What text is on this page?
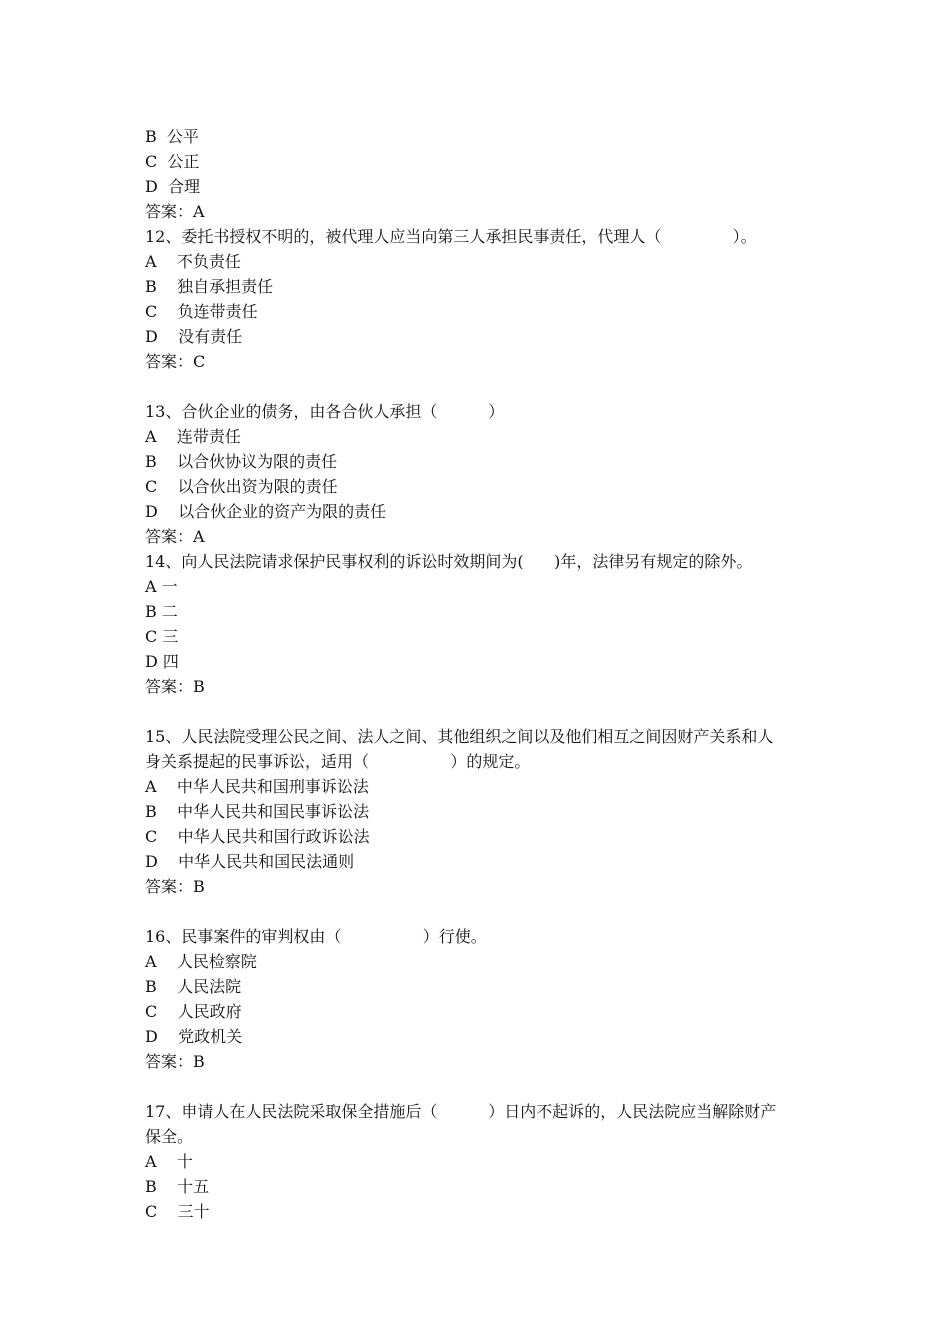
B  公平
C  公正
D  合理
答案：A
12、委托书授权不明的，被代理人应当向第三人承担民事责任，代理人（              ）。
A    不负责任
B    独自承担责任
C    负连带责任
D    没有责任
答案：C
13、合伙企业的债务，由各合伙人承担（          ）
A    连带责任
B    以合伙协议为限的责任
C    以合伙出资为限的责任
D    以合伙企业的资产为限的责任
答案：A
14、向人民法院请求保护民事权利的诉讼时效期间为(      )年，法律另有规定的除外。
A 一
B 二
C 三
D 四
答案：B
15、人民法院受理公民之间、法人之间、其他组织之间以及他们相互之间因财产关系和人
身关系提起的民事诉讼，适用（                ）的规定。
A    中华人民共和国刑事诉讼法
B    中华人民共和国民事诉讼法
C    中华人民共和国行政诉讼法
D    中华人民共和国民法通则
答案：B
16、民事案件的审判权由（                ）行使。
A    人民检察院
B    人民法院
C    人民政府
D    党政机关
答案：B
17、申请人在人民法院采取保全措施后（          ）日内不起诉的，人民法院应当解除财产
保全。
A    十
B    十五
C    三十
